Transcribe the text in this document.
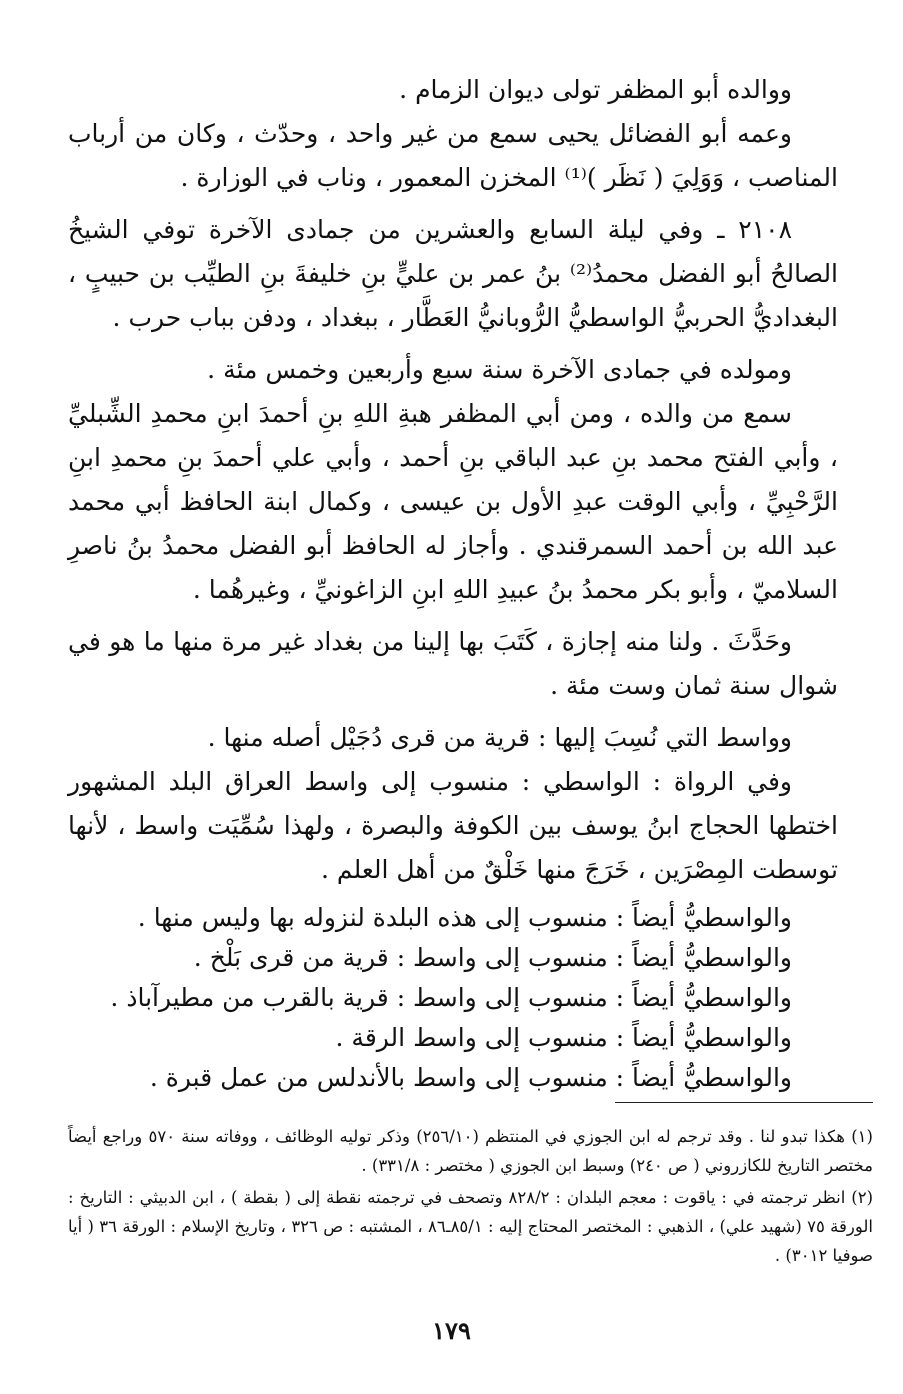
ووالده أبو المظفر تولى ديوان الزمام .

وعمه أبو الفضائل يحيى سمع من غير واحد ، وحدّث ، وكان من أرباب المناصب ، وَوَلِيَ ( نَظَر )⁽¹⁾ المخزن المعمور ، وناب في الوزارة .

٢١٠٨ ـ وفي ليلة السابع والعشرين من جمادى الآخرة توفي الشيخُ الصالحُ أبو الفضل محمدُ⁽²⁾ بنُ عمر بن عليٍّ بنِ خليفةَ بنِ الطيِّب بن حبيبٍ ، البغداديُّ الحربيُّ الواسطيُّ الرُّوبانيُّ العَطَّار ، ببغداد ، ودفن بباب حرب .

ومولده في جمادى الآخرة سنة سبع وأربعين وخمس مئة .

سمع من والده ، ومن أبي المظفر هبةِ اللهِ بنِ أحمدَ ابنِ محمدِ الشِّبليِّ ، وأبي الفتح محمد بنِ عبد الباقي بنِ أحمد ، وأبي علي أحمدَ بنِ محمدِ ابنِ الرَّحْبِيِّ ، وأبي الوقت عبدِ الأول بن عيسى ، وكمال ابنة الحافظ أبي محمد عبد الله بن أحمد السمرقندي . وأجاز له الحافظ أبو الفضل محمدُ بنُ ناصرِ السلاميّ ، وأبو بكر محمدُ بنُ عبيدِ اللهِ ابنِ الزاغونيِّ ، وغيرهُما .

وحَدَّثَ . ولنا منه إجازة ، كَتَبَ بها إلينا من بغداد غير مرة منها ما هو في شوال سنة ثمان وست مئة .

وواسط التي نُسِبَ إليها : قرية من قرى دُجَيْل أصله منها .

وفي الرواة : الواسطي : منسوب إلى واسط العراق البلد المشهور اختطها الحجاج ابنُ يوسف بين الكوفة والبصرة ، ولهذا سُمِّيَت واسط ، لأنها توسطت المِصْرَين ، خَرَجَ منها خَلْقٌ من أهل العلم .

والواسطيُّ أيضاً : منسوب إلى هذه البلدة لنزوله بها وليس منها .

والواسطيُّ أيضاً : منسوب إلى واسط : قرية من قرى بَلْخ .

والواسطيُّ أيضاً : منسوب إلى واسط : قرية بالقرب من مطيرآباذ .

والواسطيُّ أيضاً : منسوب إلى واسط الرقة .

والواسطيُّ أيضاً : منسوب إلى واسط بالأندلس من عمل قبرة .

(١) هكذا تبدو لنا . وقد ترجم له ابن الجوزي في المنتظم (٢٥٦/١٠) وذكر توليه الوظائف ، ووفاته سنة ٥٧٠ وراجع أيضاً مختصر التاريخ للكازروني ( ص ٢٤٠) وسبط ابن الجوزي ( مختصر : ٣٣١/٨) .

(٢) انظر ترجمته في : ياقوت : معجم البلدان : ٨٢٨/٢ وتصحف في ترجمته نقطة إلى ( بقطة ) ، ابن الدبيثي : التاريخ : الورقة ٧٥ (شهيد علي) ، الذهبي : المختصر المحتاج إليه : ٨٥/١ـ٨٦ ، المشتبه : ص ٣٢٦ ، وتاريخ الإسلام : الورقة ٣٦ ( أيا صوفيا ٣٠١٢) .

١٧٩
